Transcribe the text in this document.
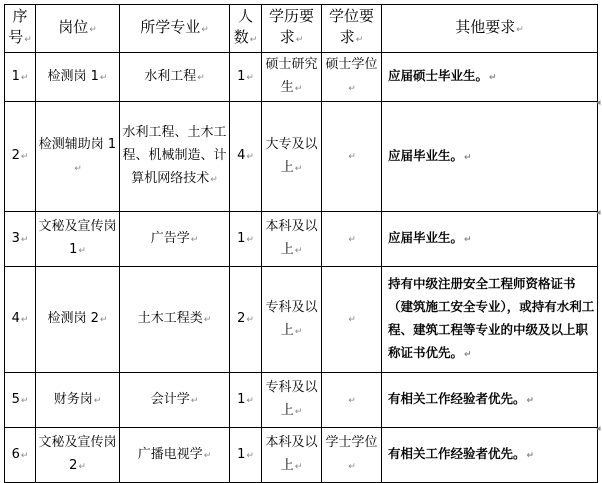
序号↵	岗位↵	所学专业↵	人数↵	学历要求↵	学位要求↵	其他要求↵
1↵	检测岗 1↵	水利工程↵	1↵	硕士研究生↵	硕士学位↵	应届硕士毕业生。↵
2↵	检测辅助岗 1↵	水利工程、土木工程、机械制造、计算机网络技术↵	4↵	大专及以上↵	↵	应届毕业生。↵
3↵	文秘及宣传岗 1↵	广告学↵	1↵	本科及以上↵	↵	应届毕业生。↵
4↵	检测岗 2↵	土木工程类↵	2↵	专科及以上↵	↵	持有中级注册安全工程师资格证书（建筑施工安全专业），或持有水利工程、建筑工程等专业的中级及以上职称证书优先。↵
5↵	财务岗↵	会计学↵	1↵	专科及以上↵	↵	有相关工作经验者优先。↵
6↵	文秘及宣传岗 2↵	广播电视学↵	1↵	本科及以上↵	学士学位↵	有相关工作经验者优先。↵
◂
◂
◂
